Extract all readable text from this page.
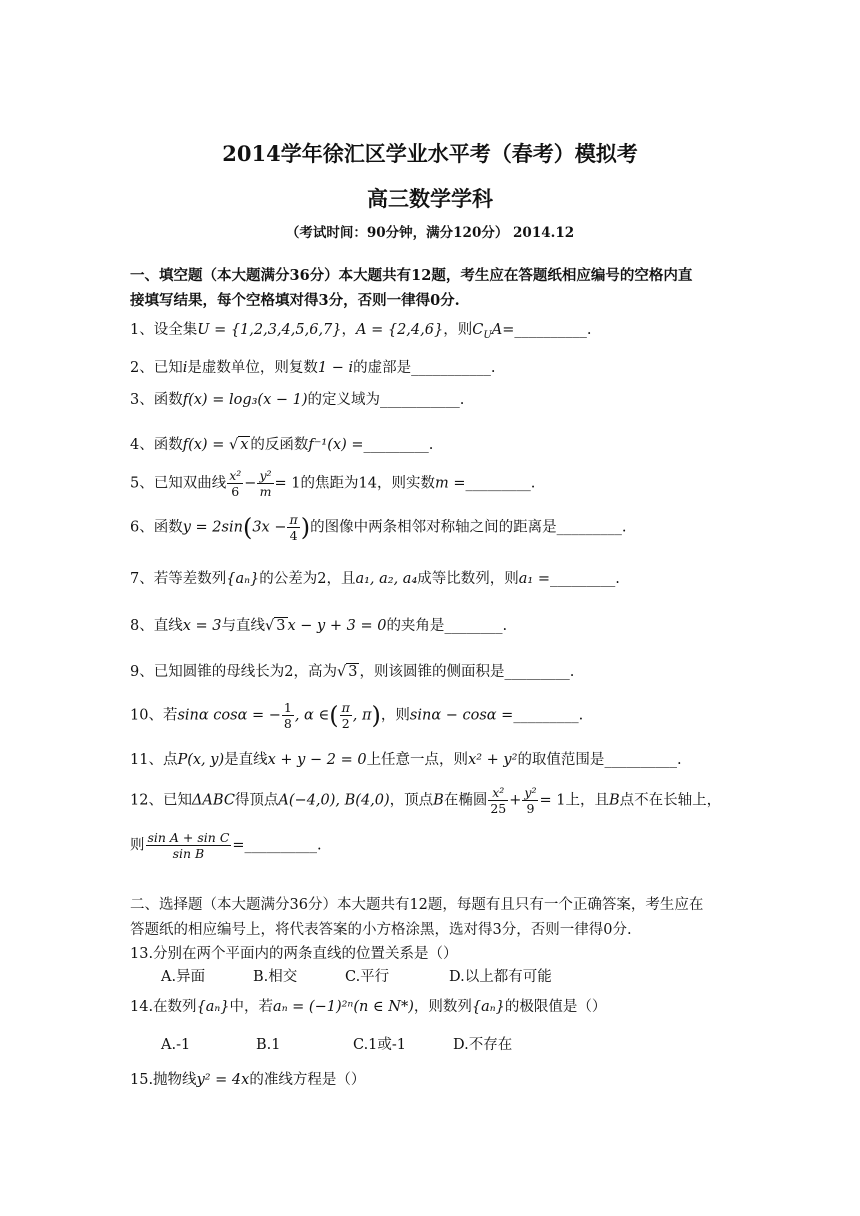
2014学年徐汇区学业水平考（春考）模拟考
高三数学学科
（考试时间：90分钟，满分120分） 2014.12
一、填空题（本大题满分36分）本大题共有12题，考生应在答题纸相应编号的空格内直
接填写结果，每个空格填对得3分，否则一律得0分.
1、设全集U = {1,2,3,4,5,6,7}，A = {2,4,6}，则$C_UA=\_\_\_\_\_\_\_\_\_\_$.
2、已知i是虚数单位，则复数1 − i的虚部是___________.
3、函数f(x) = log₃(x − 1)的定义域为___________.
4、函数f(x) = √ x 的反函数f⁻¹(x) =_________.
5、已知双曲线 $\frac{\text{x²}}{6} - \frac{\text{y²}}{m} = 1$的焦距为14，则实数m =_________.
6、函数$y = 2\sin(3x - \frac{\pi}{4}$ )的图像中两条相邻对称轴之间的距离是_________.
7、若等差数列{aₙ}的公差为2，且a₁, a₂, a₄成等比数列，则a₁ =_________.
8、直线x = 3与直线√ 3 x − y + 3 = 0的夹角是________.
9、已知圆锥的母线长为2，高为√ 3 ，则该圆锥的侧面积是_________.
10、若sinα cosα = − $\frac{1}{8}$ , α ∈( $\frac{\pi}{2}$ , π)，则sinα − cosα =_________.
11、点P(x, y)是直线x + y − 2 = 0上任意一点，则x² + y²的取值范围是__________.
12、已知ΔABC得顶点A(−4,0), B(4,0)，顶点B在椭圆 $\frac{\text{x²}}{25} + \frac{\text{y²}}{9} = 1$上，且B点不在长轴上，
则 $\frac{\text{sin A + sin C}}{\text{sin B}}$ =__________.
二、选择题（本大题满分36分）本大题共有12题，每题有且只有一个正确答案，考生应在
答题纸的相应编号上，将代表答案的小方格涂黑，选对得3分，否则一律得0分.
13.分别在两个平面内的两条直线的位置关系是（）
A.异面	B.相交	C.平行	D.以上都有可能
14.在数列{aₙ}中，若aₙ = (−1)²ⁿ(n ∈ N*)，则数列{aₙ}的极限值是（）
A.-1	B.1	C.1或-1	D.不存在
15.抛物线y² = 4x的准线方程是（）
